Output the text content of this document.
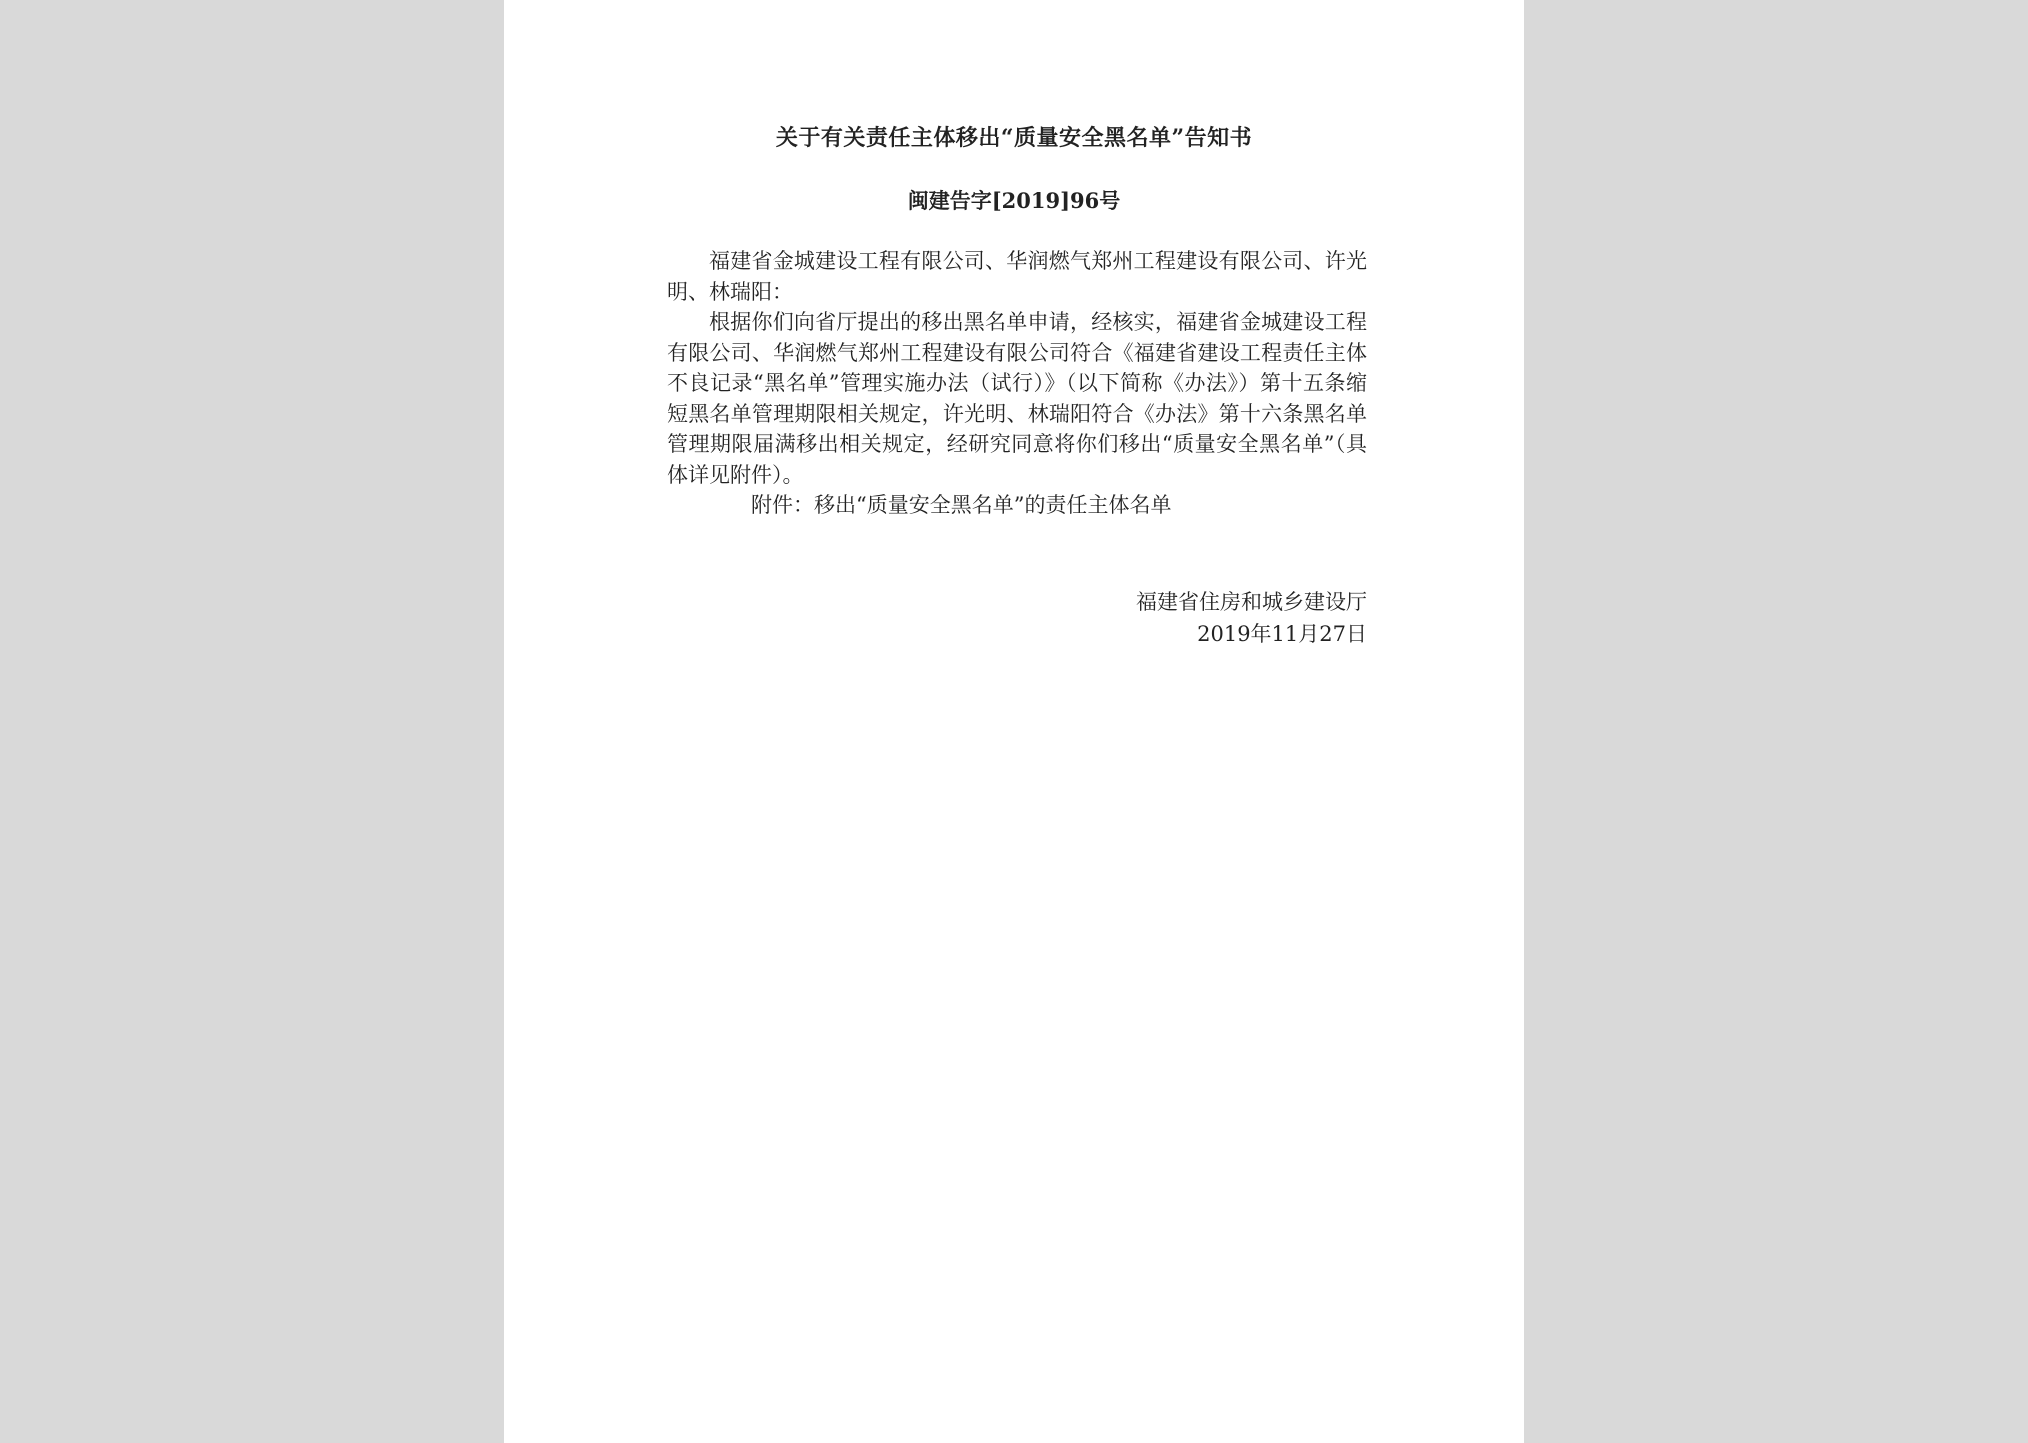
关于有关责任主体移出“质量安全黑名单”告知书
闽建告字[2019]96号

福建省金城建设工程有限公司、华润燃气郑州工程建设有限公司、许光明、林瑞阳：

根据你们向省厅提出的移出黑名单申请，经核实，福建省金城建设工程有限公司、华润燃气郑州工程建设有限公司符合《福建省建设工程责任主体不良记录“黑名单”管理实施办法（试行）》（以下简称《办法》）第十五条缩短黑名单管理期限相关规定，许光明、林瑞阳符合《办法》第十六条黑名单管理期限届满移出相关规定，经研究同意将你们移出“质量安全黑名单”（具体详见附件）。

附件：移出“质量安全黑名单”的责任主体名单

福建省住房和城乡建设厅
2019年11月27日
